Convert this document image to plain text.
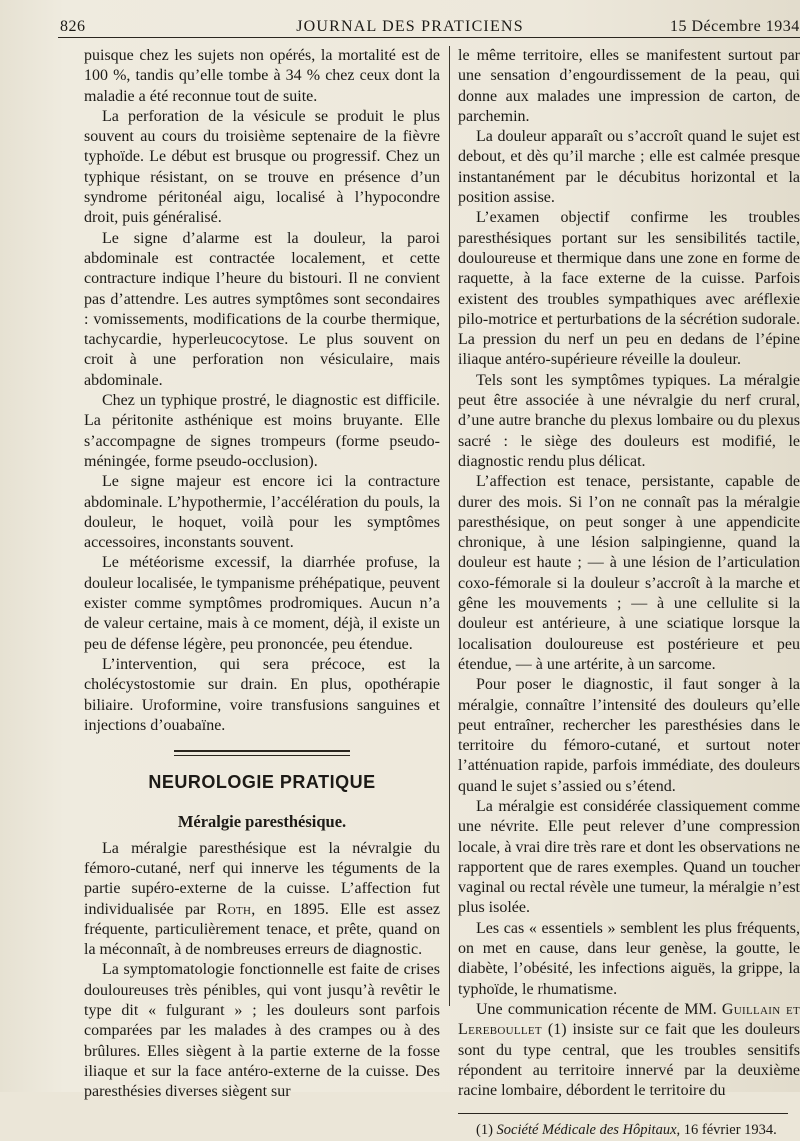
826	JOURNAL DES PRATICIENS	15 Décembre 1934

puisque chez les sujets non opérés, la mortalité est de 100 %, tandis qu’elle tombe à 34 % chez ceux dont la maladie a été reconnue tout de suite.

La perforation de la vésicule se produit le plus souvent au cours du troisième septenaire de la fièvre typhoïde. Le début est brusque ou progressif. Chez un typhique résistant, on se trouve en présence d’un syndrome péritonéal aigu, localisé à l’hypocondre droit, puis généralisé.

Le signe d’alarme est la douleur, la paroi abdominale est contractée localement, et cette contracture indique l’heure du bistouri. Il ne convient pas d’attendre. Les autres symptômes sont secondaires : vomissements, modifications de la courbe thermique, tachycardie, hyperleucocytose. Le plus souvent on croit à une perforation non vésiculaire, mais abdominale.

Chez un typhique prostré, le diagnostic est difficile. La péritonite asthénique est moins bruyante. Elle s’accompagne de signes trompeurs (forme pseudo-méningée, forme pseudo-occlusion).

Le signe majeur est encore ici la contracture abdominale. L’hypothermie, l’accélération du pouls, la douleur, le hoquet, voilà pour les symptômes accessoires, inconstants souvent.

Le météorisme excessif, la diarrhée profuse, la douleur localisée, le tympanisme préhépatique, peuvent exister comme symptômes prodromiques. Aucun n’a de valeur certaine, mais à ce moment, déjà, il existe un peu de défense légère, peu prononcée, peu étendue.

L’intervention, qui sera précoce, est la cholécystostomie sur drain. En plus, opothérapie biliaire. Uroformine, voire transfusions sanguines et injections d’ouabaïne.

NEUROLOGIE PRATIQUE
Méralgie paresthésique.

La méralgie paresthésique est la névralgie du fémoro-cutané, nerf qui innerve les téguments de la partie supéro-externe de la cuisse. L’affection fut individualisée par Roth, en 1895. Elle est assez fréquente, particulièrement tenace, et prête, quand on la méconnaît, à de nombreuses erreurs de diagnostic.

La symptomatologie fonctionnelle est faite de crises douloureuses très pénibles, qui vont jusqu’à revêtir le type dit « fulgurant » ; les douleurs sont parfois comparées par les malades à des crampes ou à des brûlures. Elles siègent à la partie externe de la fosse iliaque et sur la face antéro-externe de la cuisse. Des paresthésies diverses siègent sur

le même territoire, elles se manifestent surtout par une sensation d’engourdissement de la peau, qui donne aux malades une impression de carton, de parchemin.

La douleur apparaît ou s’accroît quand le sujet est debout, et dès qu’il marche ; elle est calmée presque instantanément par le décubitus horizontal et la position assise.

L’examen objectif confirme les troubles paresthésiques portant sur les sensibilités tactile, douloureuse et thermique dans une zone en forme de raquette, à la face externe de la cuisse. Parfois existent des troubles sympathiques avec aréflexie pilo-motrice et perturbations de la sécrétion sudorale. La pression du nerf un peu en dedans de l’épine iliaque antéro-supérieure réveille la douleur.

Tels sont les symptômes typiques. La méralgie peut être associée à une névralgie du nerf crural, d’une autre branche du plexus lombaire ou du plexus sacré : le siège des douleurs est modifié, le diagnostic rendu plus délicat.

L’affection est tenace, persistante, capable de durer des mois. Si l’on ne connaît pas la méralgie paresthésique, on peut songer à une appendicite chronique, à une lésion salpingienne, quand la douleur est haute ; — à une lésion de l’articulation coxo-fémorale si la douleur s’accroît à la marche et gêne les mouvements ; — à une cellulite si la douleur est antérieure, à une sciatique lorsque la localisation douloureuse est postérieure et peu étendue, — à une artérite, à un sarcome.

Pour poser le diagnostic, il faut songer à la méralgie, connaître l’intensité des douleurs qu’elle peut entraîner, rechercher les paresthésies dans le territoire du fémoro-cutané, et surtout noter l’atténuation rapide, parfois immédiate, des douleurs quand le sujet s’assied ou s’étend.

La méralgie est considérée classiquement comme une névrite. Elle peut relever d’une compression locale, à vrai dire très rare et dont les observations ne rapportent que de rares exemples. Quand un toucher vaginal ou rectal révèle une tumeur, la méralgie n’est plus isolée.

Les cas « essentiels » semblent les plus fréquents, on met en cause, dans leur genèse, la goutte, le diabète, l’obésité, les infections aiguës, la grippe, la typhoïde, le rhumatisme.

Une communication récente de MM. Guillain et Lereboullet (1) insiste sur ce fait que les douleurs sont du type central, que les troubles sensitifs répondent au territoire innervé par la deuxième racine lombaire, débordent le territoire du

(1) Société Médicale des Hôpitaux, 16 février 1934.
